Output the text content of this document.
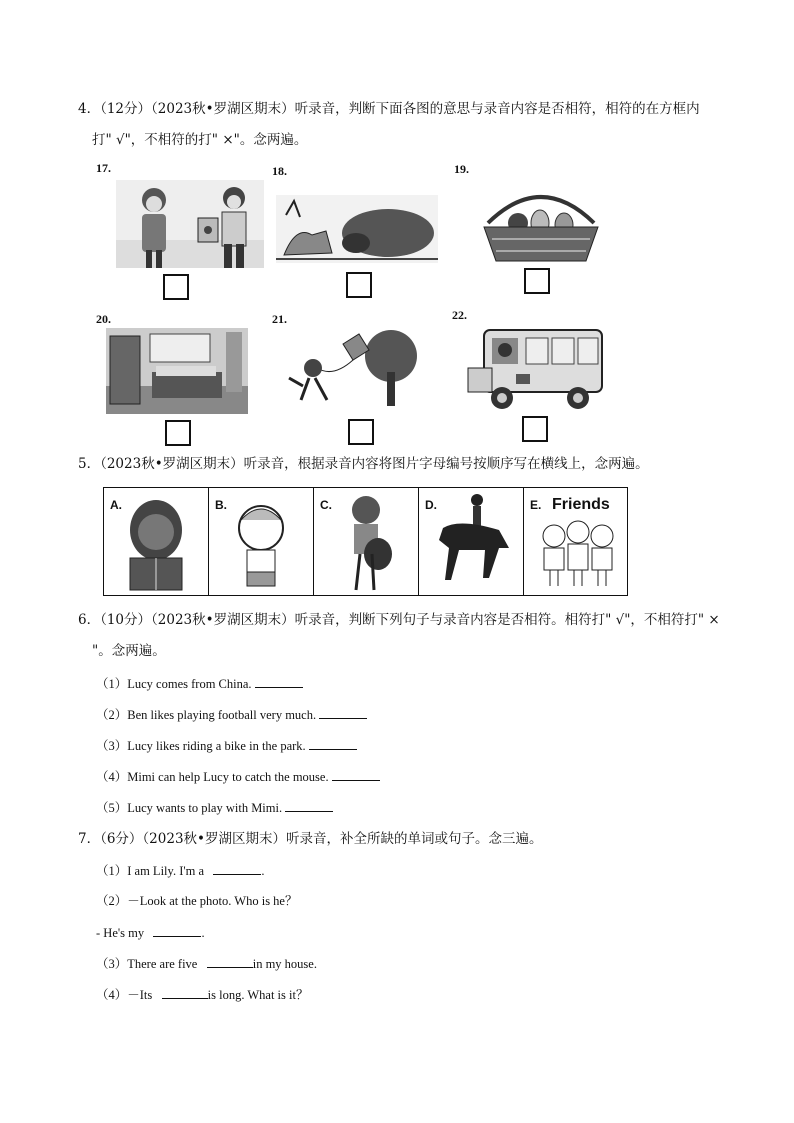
4．（12分）（2023秋•罗湖区期末）听录音，判断下面各图的意思与录音内容是否相符，相符的在方框内
打" √"，不相符的打" ×"。念两遍。
17.	18.	19.
20.	21.	22.
5．（2023秋•罗湖区期末）听录音，根据录音内容将图片字母编号按顺序写在横线上，念两遍。
A.	B.	C.	D.	E. Friends
6．（10分）（2023秋•罗湖区期末）听录音，判断下列句子与录音内容是否相符。相符打" √"，不相符打" ×
"。念两遍。
（1）Lucy comes from China.
（2）Ben likes playing football very much.
（3）Lucy likes riding a bike in the park.
（4）Mimi can help Lucy to catch the mouse.
（5）Lucy wants to play with Mimi.
7．（6分）（2023秋•罗湖区期末）听录音，补全所缺的单词或句子。念三遍。
（1）I am Lily. I'm a	.
（2）－Look at the photo. Who is he？
- He's my	.
（3）There are five	in my house.
（4）－Its	is long. What is it？
